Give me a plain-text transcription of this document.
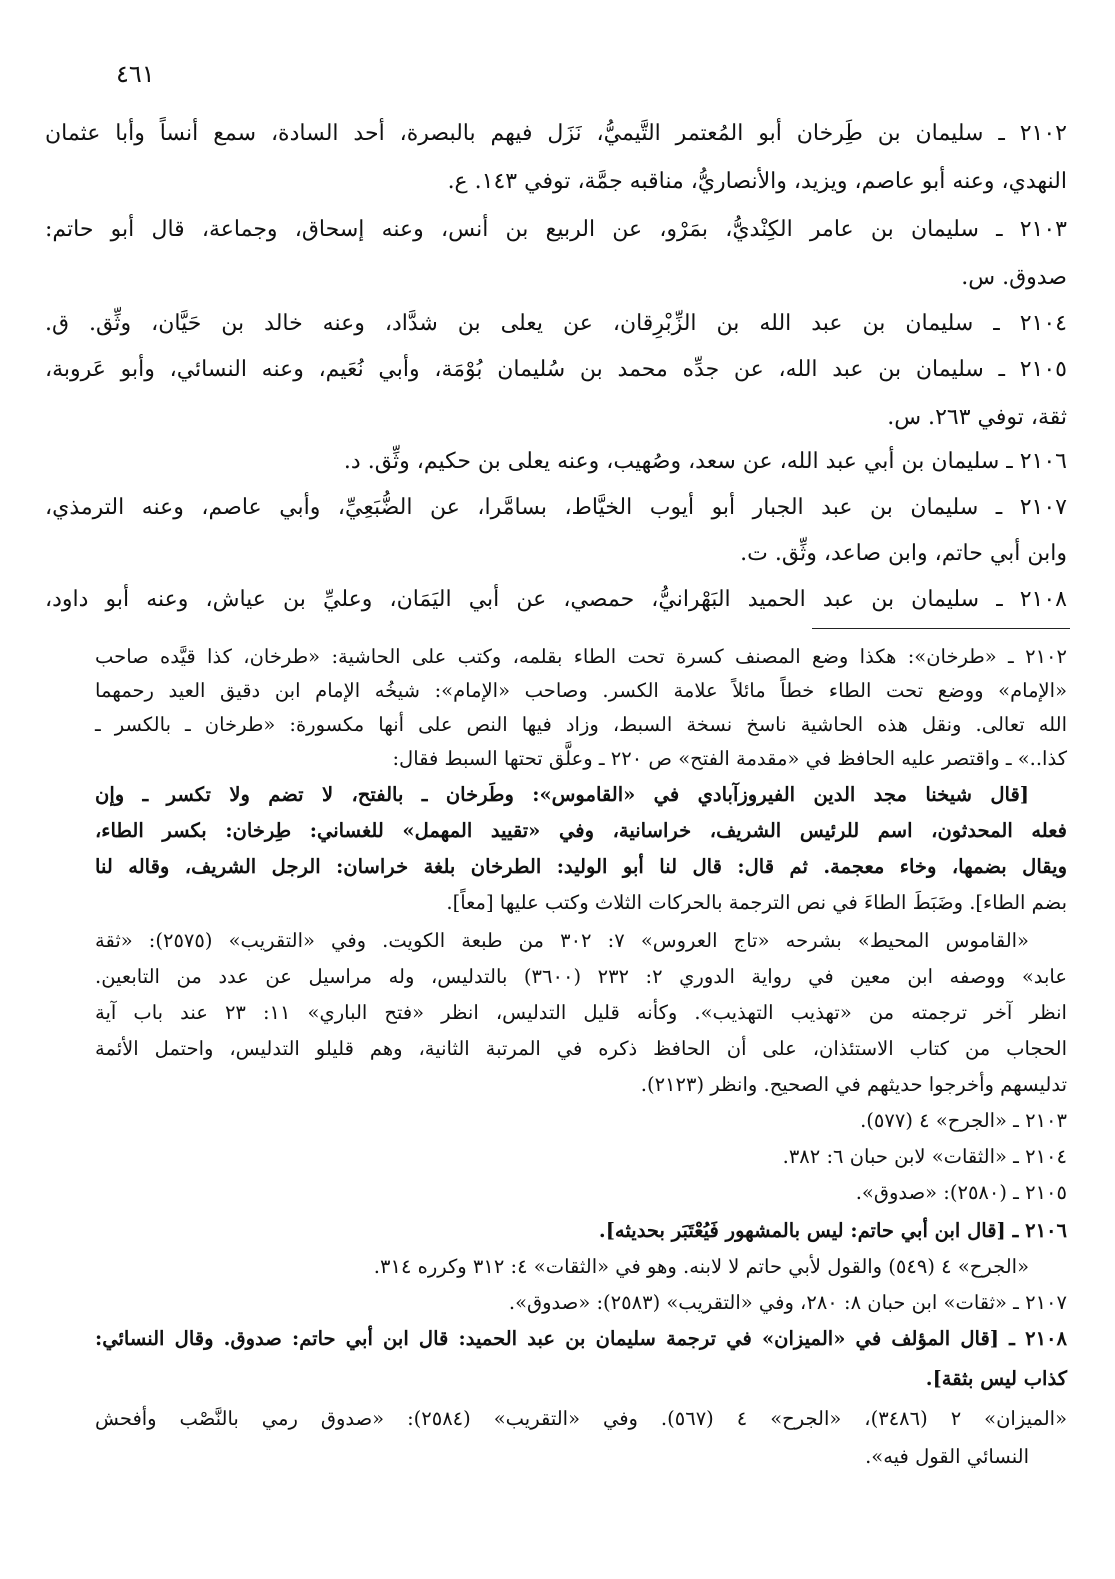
٤٦١
٢١٠٢ ـ سليمان بن طَِرخان أبو المُعتمر التَّيميُّ، نَزَل فيهم بالبصرة، أحد السادة، سمع أنساً وأبا عثمان
النهدي، وعنه أبو عاصم، ويزيد، والأنصاريُّ، مناقبه جمَّة، توفي ١٤٣. ع.
٢١٠٣ ـ سليمان بن عامر الكِنْديُّ، بمَرْو، عن الربيع بن أنس، وعنه إسحاق، وجماعة، قال أبو حاتم:
صدوق. س.
٢١٠٤ ـ سليمان بن عبد الله بن الزِّبْرِقان، عن يعلى بن شدَّاد، وعنه خالد بن حَيَّان، وثِّق. ق.
٢١٠٥ ـ سليمان بن عبد الله، عن جدِّه محمد بن سُليمان بُوْمَة، وأبي نُعَيم، وعنه النسائي، وأبو عَروبة،
ثقة، توفي ٢٦٣. س.
٢١٠٦ ـ سليمان بن أبي عبد الله، عن سعد، وصُهيب، وعنه يعلى بن حكيم، وثِّق. د.
٢١٠٧ ـ سليمان بن عبد الجبار أبو أيوب الخيَّاط، بسامَّرا، عن الضُّبَعِيِّ، وأبي عاصم، وعنه الترمذي،
وابن أبي حاتم، وابن صاعد، وثِّق. ت.
٢١٠٨ ـ سليمان بن عبد الحميد البَهْرانيُّ، حمصي، عن أبي اليَمَان، وعليِّ بن عياش، وعنه أبو داود،
٢١٠٢ ـ «طرخان»: هكذا وضع المصنف كسرة تحت الطاء بقلمه، وكتب على الحاشية: «طرخان، كذا قيَّده صاحب
«الإمام» ووضع تحت الطاء خطاً مائلاً علامة الكسر. وصاحب «الإمام»: شيخُه الإمام ابن دقيق العيد رحمهما
الله تعالى. ونقل هذه الحاشية ناسخ نسخة السبط، وزاد فيها النص على أنها مكسورة: «طرخان ـ بالكسر ـ
كذا..» ـ واقتصر عليه الحافظ في «مقدمة الفتح» ص ٢٢٠ ـ وعلَّق تحتها السبط فقال:
[قال شيخنا مجد الدين الفيروزآبادي في «القاموس»: وطَرخان ـ بالفتح، لا تضم ولا تكسر ـ وإن
فعله المحدثون، اسم للرئيس الشريف، خراسانية، وفي «تقييد المهمل» للغساني: طِرخان: بكسر الطاء،
ويقال بضمها، وخاء معجمة. ثم قال: قال لنا أبو الوليد: الطرخان بلغة خراسان: الرجل الشريف، وقاله لنا
بضم الطاء]. وضَبَطَ الطاءَ في نص الترجمة بالحركات الثلاث وكتب عليها [معاً].
«القاموس المحيط» بشرحه «تاج العروس» ٧: ٣٠٢ من طبعة الكويت. وفي «التقريب» (٢٥٧٥): «ثقة
عابد» ووصفه ابن معين في رواية الدوري ٢: ٢٣٢ (٣٦٠٠) بالتدليس، وله مراسيل عن عدد من التابعين.
انظر آخر ترجمته من «تهذيب التهذيب». وكأنه قليل التدليس، انظر «فتح الباري» ١١: ٢٣ عند باب آية
الحجاب من كتاب الاستئذان، على أن الحافظ ذكره في المرتبة الثانية، وهم قليلو التدليس، واحتمل الأئمة
تدليسهم وأخرجوا حديثهم في الصحيح. وانظر (٢١٢٣).
٢١٠٣ ـ «الجرح» ٤ (٥٧٧).
٢١٠٤ ـ «الثقات» لابن حبان ٦: ٣٨٢.
٢١٠٥ ـ (٢٥٨٠): «صدوق».
٢١٠٦ ـ [قال ابن أبي حاتم: ليس بالمشهور فَيُعْتَبَر بحديثه].
«الجرح» ٤ (٥٤٩) والقول لأبي حاتم لا لابنه. وهو في «الثقات» ٤: ٣١٢ وكرره ٣١٤.
٢١٠٧ ـ «ثقات» ابن حبان ٨: ٢٨٠، وفي «التقريب» (٢٥٨٣): «صدوق».
٢١٠٨ ـ [قال المؤلف في «الميزان» في ترجمة سليمان بن عبد الحميد: قال ابن أبي حاتم: صدوق. وقال النسائي:
كذاب ليس بثقة].
«الميزان» ٢ (٣٤٨٦)، «الجرح» ٤ (٥٦٧). وفي «التقريب» (٢٥٨٤): «صدوق رمي بالنَّصْب وأفحش
النسائي القول فيه».
